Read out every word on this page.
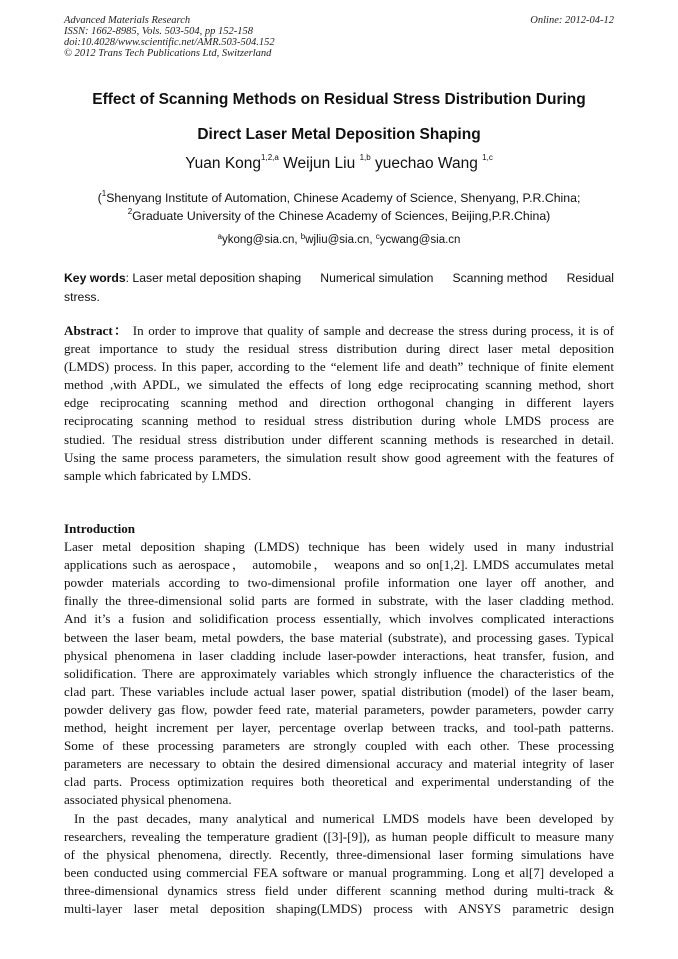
Advanced Materials Research
ISSN: 1662-8985, Vols. 503-504, pp 152-158
doi:10.4028/www.scientific.net/AMR.503-504.152
© 2012 Trans Tech Publications Ltd, Switzerland
Online: 2012-04-12
Effect of Scanning Methods on Residual Stress Distribution During
Direct Laser Metal Deposition Shaping
Yuan Kong$^{1,2,a}$ Weijun Liu $^{1,b}$ yuechao Wang $^{1,c}$
($^1$Shenyang Institute of Automation, Chinese Academy of Science, Shenyang, P.R.China;
$^2$Graduate University of the Chinese Academy of Sciences, Beijing,P.R.China)
$^a$ykong@sia.cn, $^b$wjliu@sia.cn, $^c$ycwang@sia.cn
Key words: Laser metal deposition shaping Numerical simulation Scanning method Residual
stress.
Abstract： In order to improve that quality of sample and decrease the stress during process, it is of
great importance to study the residual stress distribution during direct laser metal deposition
(LMDS) process. In this paper, according to the “element life and death” technique of finite element
method ,with APDL, we simulated the effects of long edge reciprocating scanning method, short
edge reciprocating scanning method and direction orthogonal changing in different layers
reciprocating scanning method to residual stress distribution during whole LMDS process are
studied. The residual stress distribution under different scanning methods is researched in detail.
Using the same process parameters, the simulation result show good agreement with the features of
sample which fabricated by LMDS.
Introduction
Laser metal deposition shaping (LMDS) technique has been widely used in many industrial
applications such as aerospace， automobile， weapons and so on[1,2]. LMDS accumulates metal
powder materials according to two-dimensional profile information one layer off another, and
finally the three-dimensional solid parts are formed in substrate, with the laser cladding method.
And it’s a fusion and solidification process essentially, which involves complicated interactions
between the laser beam, metal powders, the base material (substrate), and processing gases. Typical
physical phenomena in laser cladding include laser-powder interactions, heat transfer, fusion, and
solidification. There are approximately variables which strongly influence the characteristics of the
clad part. These variables include actual laser power, spatial distribution (model) of the laser beam,
powder delivery gas flow, powder feed rate, material parameters, powder parameters, powder carry
method, height increment per layer, percentage overlap between tracks, and tool-path patterns.
Some of these processing parameters are strongly coupled with each other. These processing
parameters are necessary to obtain the desired dimensional accuracy and material integrity of laser
clad parts. Process optimization requires both theoretical and experimental understanding of the
associated physical phenomena.
In the past decades, many analytical and numerical LMDS models have been developed by
researchers, revealing the temperature gradient ([3]-[9]), as human people difficult to measure many
of the physical phenomena, directly. Recently, three-dimensional laser forming simulations have
been conducted using commercial FEA software or manual programming. Long et al[7] developed a
three-dimensional dynamics stress field under different scanning method during multi-track &
multi-layer laser metal deposition shaping(LMDS) process with ANSYS parametric design
